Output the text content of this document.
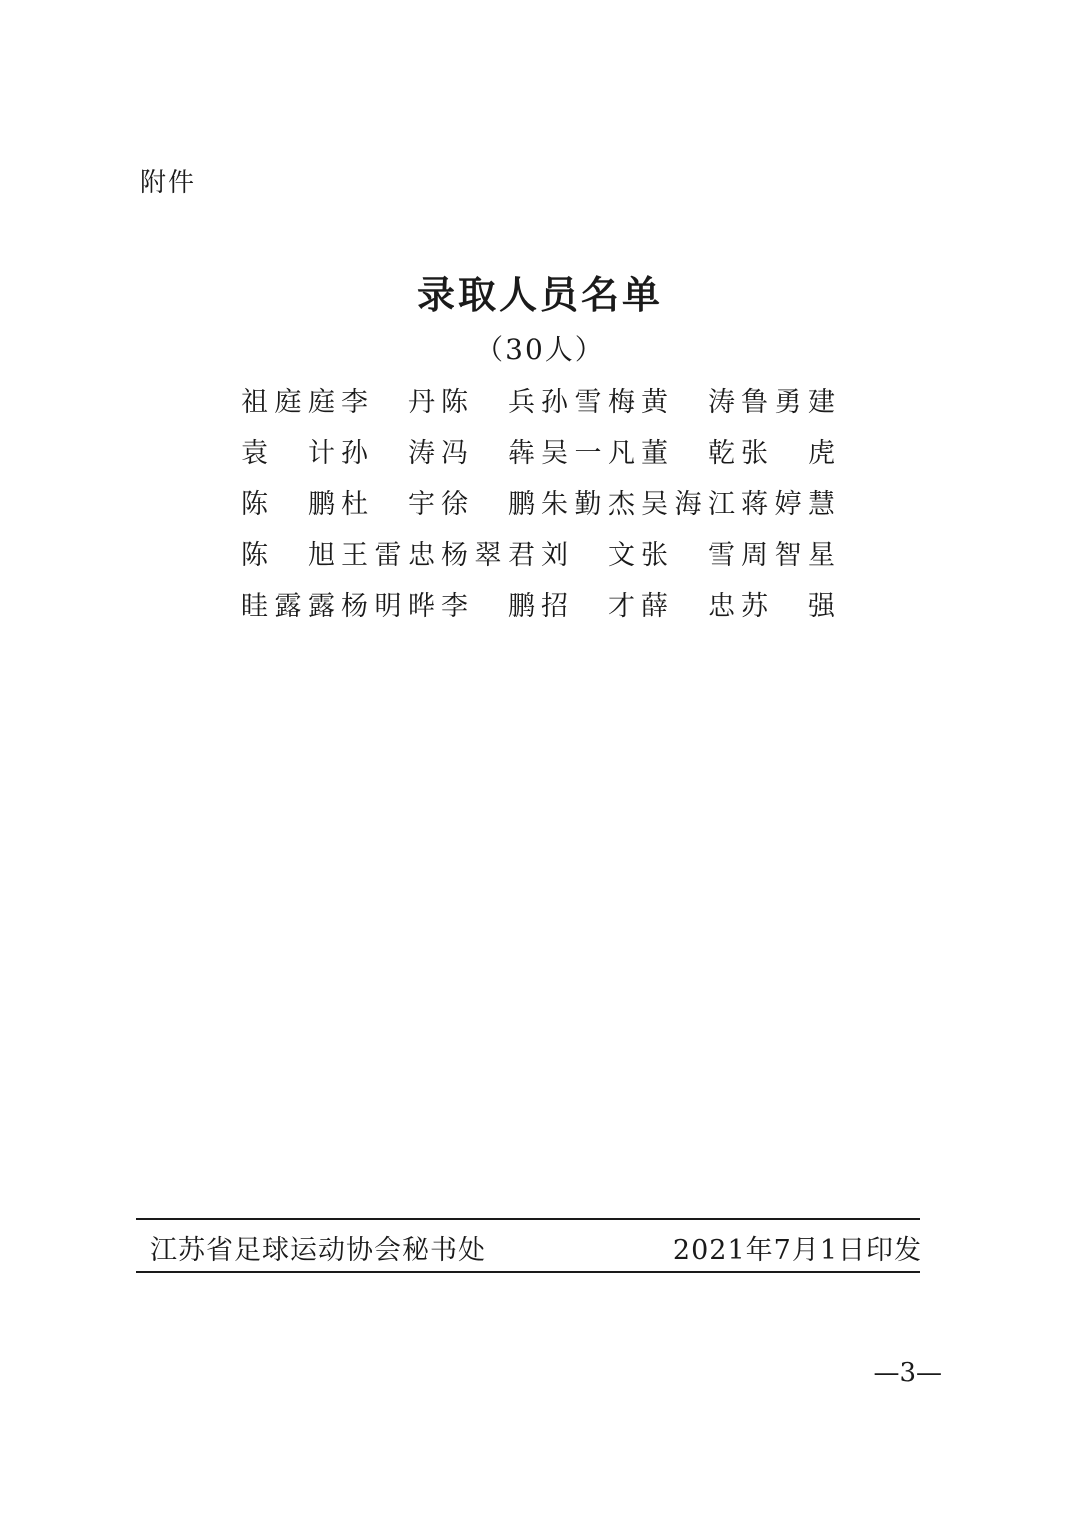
附件
录取人员名单
（30人）
祖 庭 庭 李 丹 陈 兵 孙 雪 梅 黄 涛 鲁 勇 建
袁 计 孙 涛 冯 犇 吴 一 凡 董 乾 张 虎
陈 鹏 杜 宇 徐 鹏 朱 勤 杰 吴 海 江 蒋 婷 慧
陈 旭 王 雷 忠 杨 翠 君 刘 文 张 雪 周 智 星
眭 露 露 杨 明 晔 李 鹏 招 才 薛 忠 苏 强
江苏省足球运动协会秘书处	2021年7月1日印发
—3—
